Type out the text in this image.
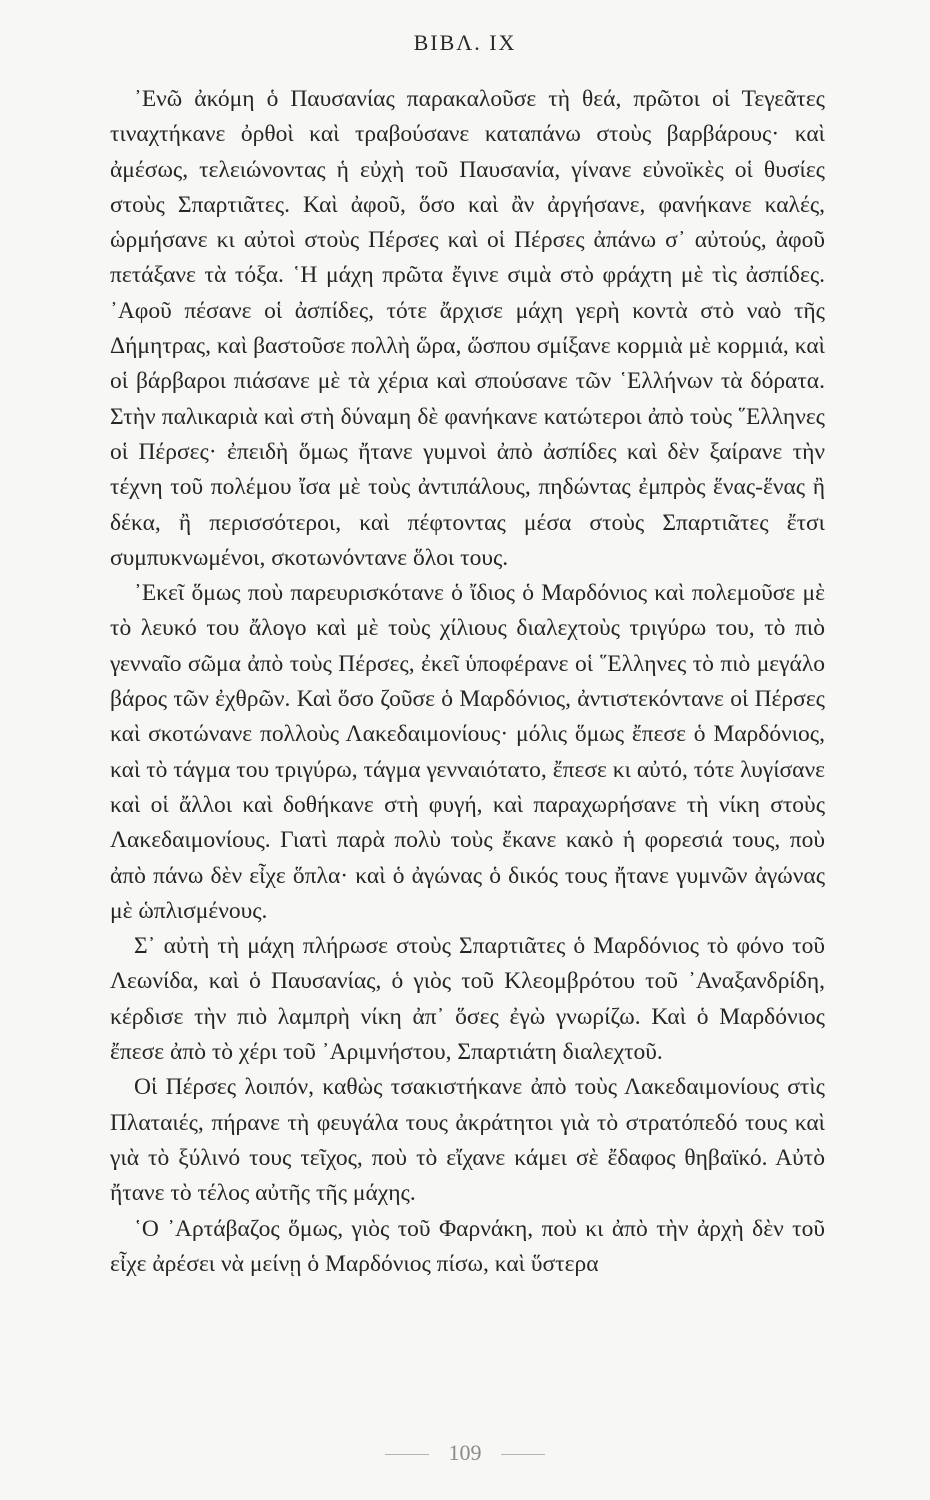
ΒΙΒΛ. IX

᾿Ενῶ ἀκόμη ὁ Παυσανίας παρακαλοῦσε τὴ θεά, πρῶτοι οἱ Τεγεᾶτες τιναχτήκανε ὀρθοὶ καὶ τραβούσανε καταπάνω στοὺς βαρβάρους· καὶ ἀμέσως, τελειώνοντας ἡ εὐχὴ τοῦ Παυσανία, γίνανε εὐνοϊκὲς οἱ θυσίες στοὺς Σπαρτιᾶτες. Καὶ ἀφοῦ, ὅσο καὶ ἂν ἀργήσανε, φανήκανε καλές, ὡρμήσανε κι αὐτοὶ στοὺς Πέρσες καὶ οἱ Πέρσες ἀπάνω σ᾿ αὐτούς, ἀφοῦ πετάξανε τὰ τόξα. ῾Η μάχη πρῶτα ἔγινε σιμὰ στὸ φράχτη μὲ τὶς ἀσπίδες. ᾿Αφοῦ πέσανε οἱ ἀσπίδες, τότε ἄρχισε μάχη γερὴ κοντὰ στὸ ναὸ τῆς Δήμητρας, καὶ βαστοῦσε πολλὴ ὥρα, ὥσπου σμίξανε κορμιὰ μὲ κορμιά, καὶ οἱ βάρβαροι πιάσανε μὲ τὰ χέρια καὶ σπούσανε τῶν ῾Ελλήνων τὰ δόρατα. Στὴν παλικαριὰ καὶ στὴ δύναμη δὲ φανήκανε κατώτεροι ἀπὸ τοὺς ῞Ελληνες οἱ Πέρσες· ἐπειδὴ ὅμως ἤτανε γυμνοὶ ἀπὸ ἀσπίδες καὶ δὲν ξαίρανε τὴν τέχνη τοῦ πολέμου ἴσα μὲ τοὺς ἀντιπάλους, πηδώντας ἐμπρὸς ἕνας-ἕνας ἢ δέκα, ἢ περισσότεροι, καὶ πέφτοντας μέσα στοὺς Σπαρτιᾶτες ἔτσι συμπυκνωμένοι, σκοτωνόντανε ὅλοι τους.

᾿Εκεῖ ὅμως ποὺ παρευρισκότανε ὁ ἴδιος ὁ Μαρδόνιος καὶ πολεμοῦσε μὲ τὸ λευκό του ἄλογο καὶ μὲ τοὺς χίλιους διαλεχτοὺς τριγύρω του, τὸ πιὸ γενναῖο σῶμα ἀπὸ τοὺς Πέρσες, ἐκεῖ ὑποφέρανε οἱ ῞Ελληνες τὸ πιὸ μεγάλο βάρος τῶν ἐχθρῶν. Καὶ ὅσο ζοῦσε ὁ Μαρδόνιος, ἀντιστεκόντανε οἱ Πέρσες καὶ σκοτώνανε πολλοὺς Λακεδαιμονίους· μόλις ὅμως ἔπεσε ὁ Μαρδόνιος, καὶ τὸ τάγμα του τριγύρω, τάγμα γενναιότατο, ἔπεσε κι αὐτό, τότε λυγίσανε καὶ οἱ ἄλλοι καὶ δοθήκανε στὴ φυγή, καὶ παραχωρήσανε τὴ νίκη στοὺς Λακεδαιμονίους. Γιατὶ παρὰ πολὺ τοὺς ἔκανε κακὸ ἡ φορεσιά τους, ποὺ ἀπὸ πάνω δὲν εἶχε ὅπλα· καὶ ὁ ἀγώνας ὁ δικός τους ἤτανε γυμνῶν ἀγώνας μὲ ὡπλισμένους.

Σ᾿ αὐτὴ τὴ μάχη πλήρωσε στοὺς Σπαρτιᾶτες ὁ Μαρδόνιος τὸ φόνο τοῦ Λεωνίδα, καὶ ὁ Παυσανίας, ὁ γιὸς τοῦ Κλεομβρότου τοῦ ᾿Αναξανδρίδη, κέρδισε τὴν πιὸ λαμπρὴ νίκη ἀπ᾿ ὅσες ἐγὼ γνωρίζω. Καὶ ὁ Μαρδόνιος ἔπεσε ἀπὸ τὸ χέρι τοῦ ᾿Αριμνήστου, Σπαρτιάτη διαλεχτοῦ.

Οἱ Πέρσες λοιπόν, καθὼς τσακιστήκανε ἀπὸ τοὺς Λακεδαιμονίους στὶς Πλαταιές, πήρανε τὴ φευγάλα τους ἀκράτητοι γιὰ τὸ στρατόπεδό τους καὶ γιὰ τὸ ξύλινό τους τεῖχος, ποὺ τὸ εἴχανε κάμει σὲ ἔδαφος θηβαϊκό. Αὐτὸ ἤτανε τὸ τέλος αὐτῆς τῆς μάχης.

῾Ο ᾿Αρτάβαζος ὅμως, γιὸς τοῦ Φαρνάκη, ποὺ κι ἀπὸ τὴν ἀρχὴ δὲν τοῦ εἶχε ἀρέσει νὰ μείνῃ ὁ Μαρδόνιος πίσω, καὶ ὕστερα

109
